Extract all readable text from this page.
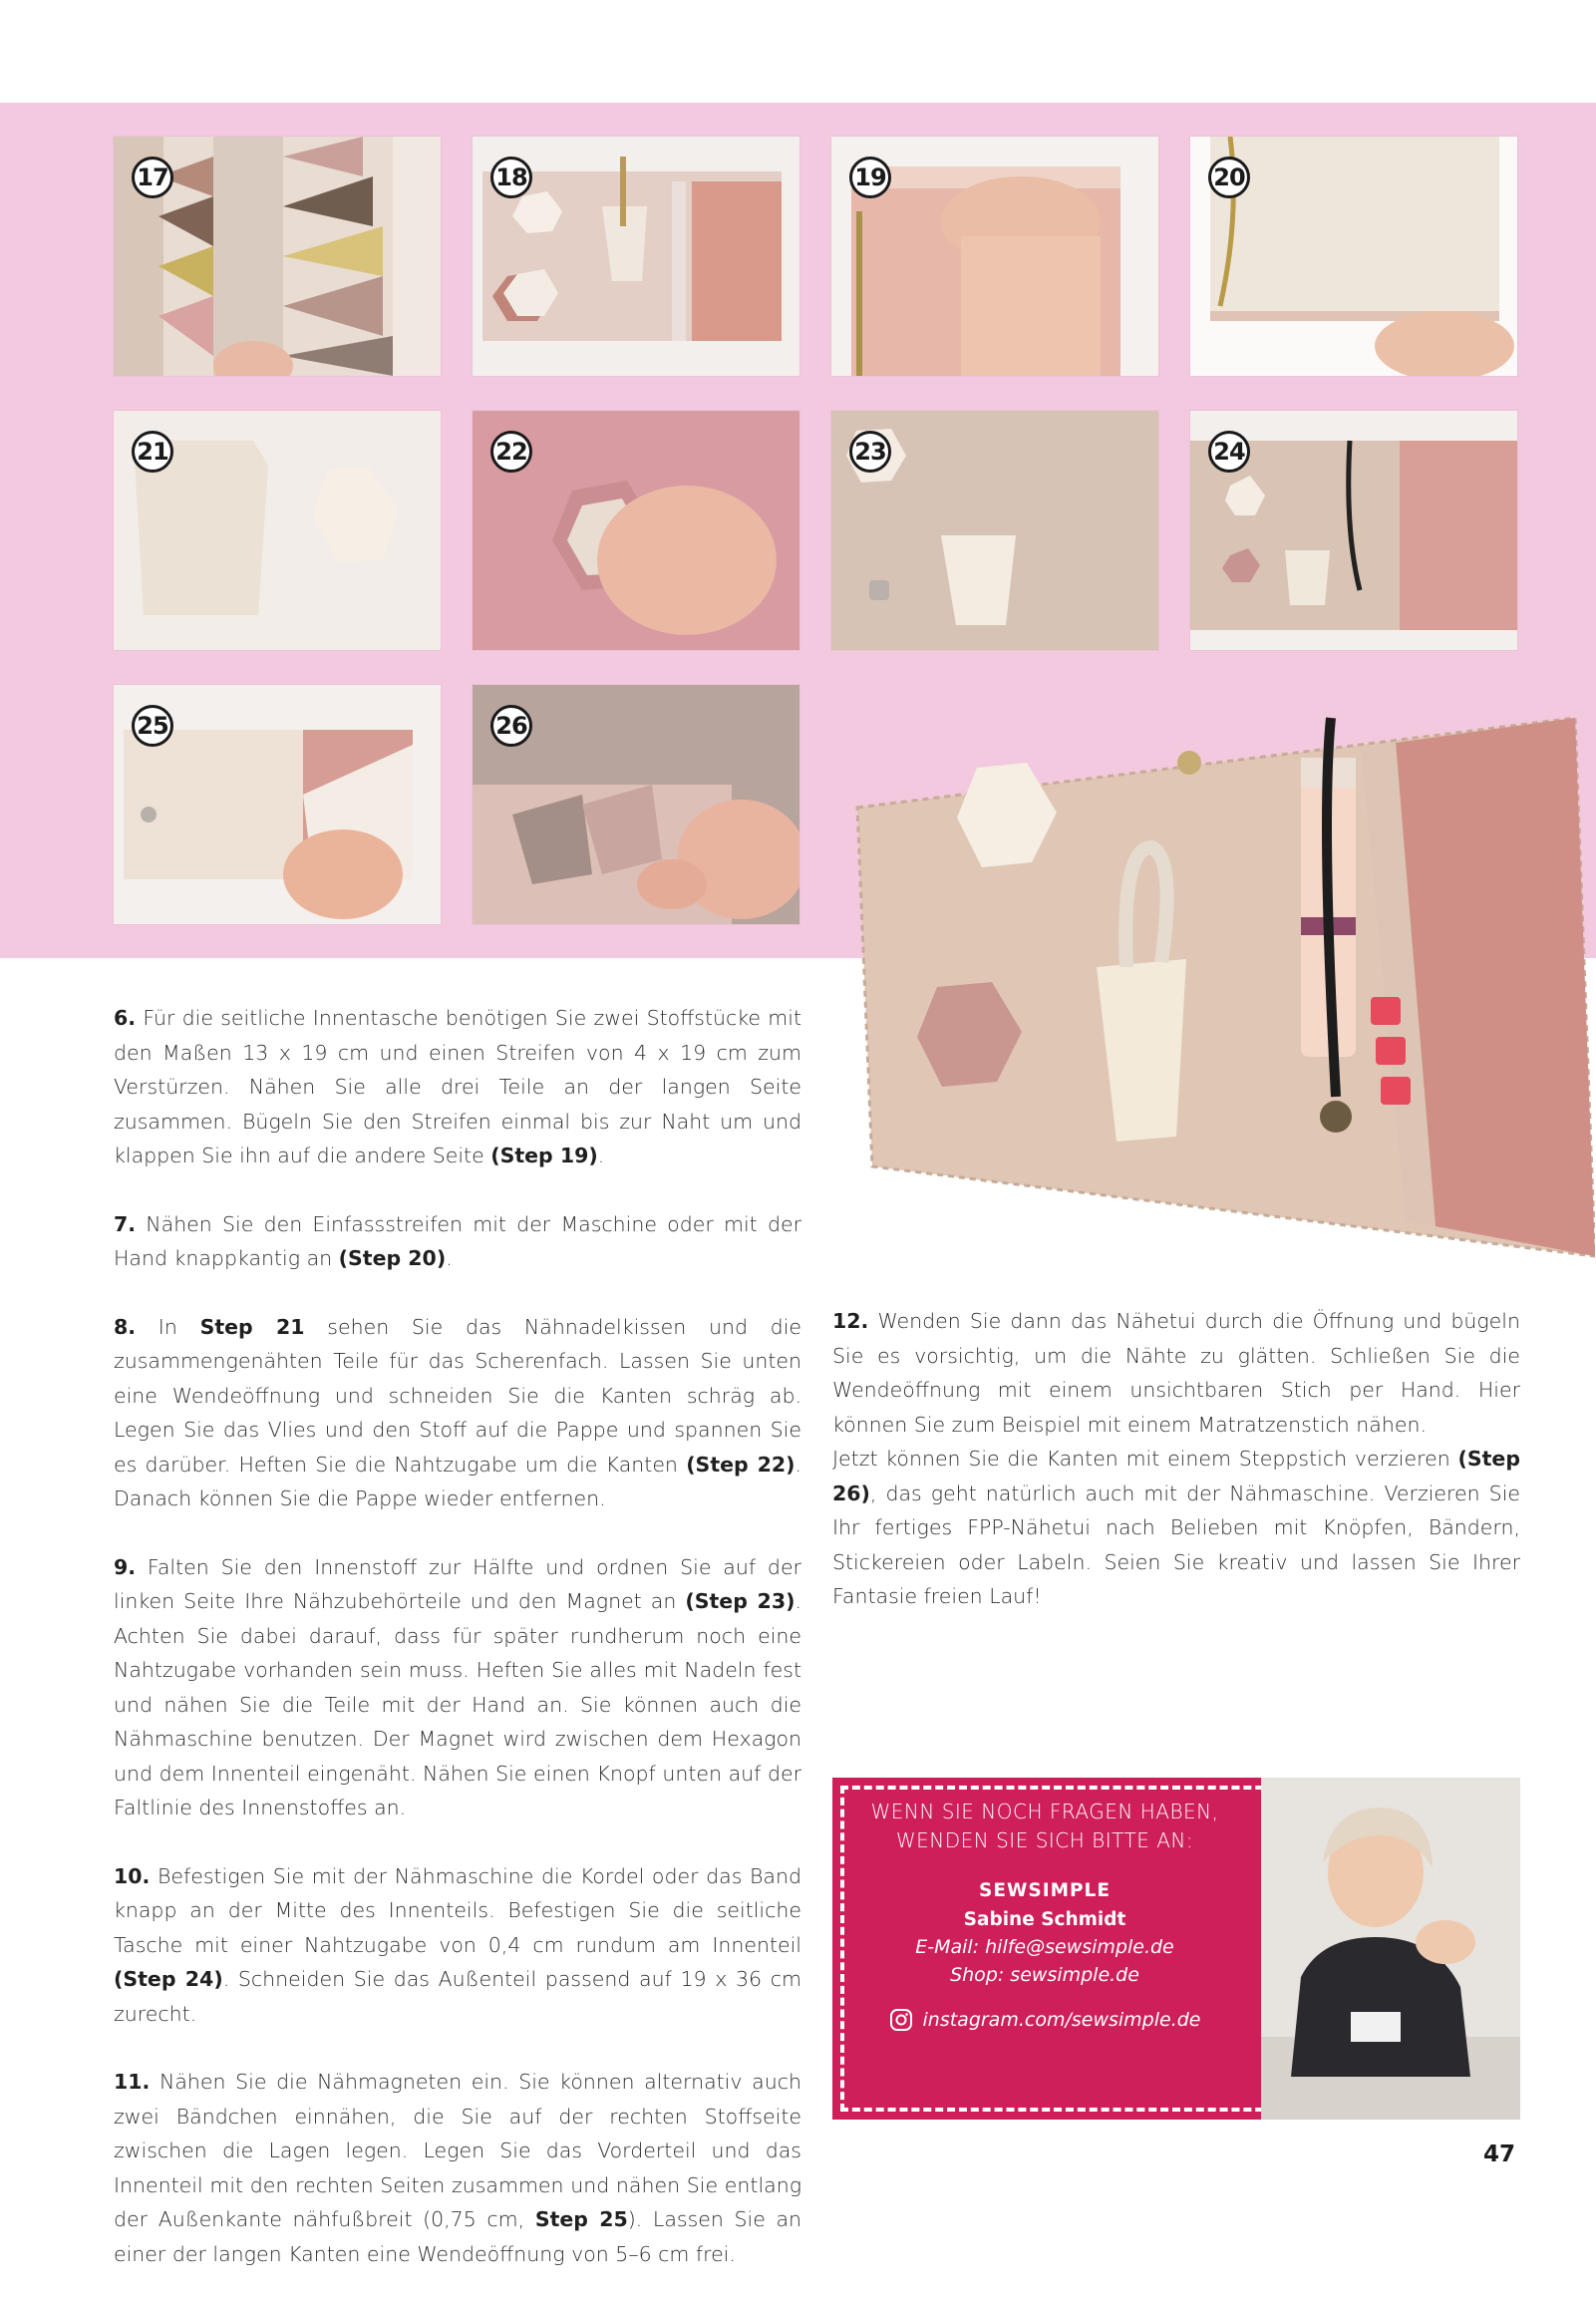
17	18	19	20
21	22	23	24
25	26

6. Für die seitliche Innentasche benötigen Sie zwei Stoffstücke mit den Maßen 13 x 19 cm und einen Streifen von 4 x 19 cm zum Verstürzen. Nähen Sie alle drei Teile an der langen Seite zusammen. Bügeln Sie den Streifen einmal bis zur Naht um und klappen Sie ihn auf die andere Seite (Step 19).

7. Nähen Sie den Einfassstreifen mit der Maschine oder mit der Hand knappkantig an (Step 20).

8. In Step 21 sehen Sie das Nähnadelkissen und die zusammengenähten Teile für das Scherenfach. Lassen Sie unten eine Wendeöffnung und schneiden Sie die Kanten schräg ab. Legen Sie das Vlies und den Stoff auf die Pappe und spannen Sie es darüber. Heften Sie die Nahtzugabe um die Kanten (Step 22). Danach können Sie die Pappe wieder entfernen.

9. Falten Sie den Innenstoff zur Hälfte und ordnen Sie auf der linken Seite Ihre Nähzubehörteile und den Magnet an (Step 23). Achten Sie dabei darauf, dass für später rundherum noch eine Nahtzugabe vorhanden sein muss. Heften Sie alles mit Nadeln fest und nähen Sie die Teile mit der Hand an. Sie können auch die Nähmaschine benutzen. Der Magnet wird zwischen dem Hexagon und dem Innenteil eingenäht. Nähen Sie einen Knopf unten auf der Faltlinie des Innenstoffes an.

10. Befestigen Sie mit der Nähmaschine die Kordel oder das Band knapp an der Mitte des Innenteils. Befestigen Sie die seitliche Tasche mit einer Nahtzugabe von 0,4 cm rundum am Innenteil (Step 24). Schneiden Sie das Außenteil passend auf 19 x 36 cm zurecht.

11. Nähen Sie die Nähmagneten ein. Sie können alternativ auch zwei Bändchen einnähen, die Sie auf der rechten Stoffseite zwischen die Lagen legen. Legen Sie das Vorderteil und das Innenteil mit den rechten Seiten zusammen und nähen Sie entlang der Außenkante nähfußbreit (0,75 cm, Step 25). Lassen Sie an einer der langen Kanten eine Wendeöffnung von 5–6 cm frei.

12. Wenden Sie dann das Nähetui durch die Öffnung und bügeln Sie es vorsichtig, um die Nähte zu glätten. Schließen Sie die Wendeöffnung mit einem unsichtbaren Stich per Hand. Hier können Sie zum Beispiel mit einem Matratzenstich nähen.
Jetzt können Sie die Kanten mit einem Steppstich verzieren (Step 26), das geht natürlich auch mit der Nähmaschine. Verzieren Sie Ihr fertiges FPP-Nähetui nach Belieben mit Knöpfen, Bändern, Stickereien oder Labeln. Seien Sie kreativ und lassen Sie Ihrer Fantasie freien Lauf!

WENN SIE NOCH FRAGEN HABEN,
WENDEN SIE SICH BITTE AN:
SEWSIMPLE
Sabine Schmidt
E-Mail: hilfe@sewsimple.de
Shop: sewsimple.de
instagram.com/sewsimple.de
47
